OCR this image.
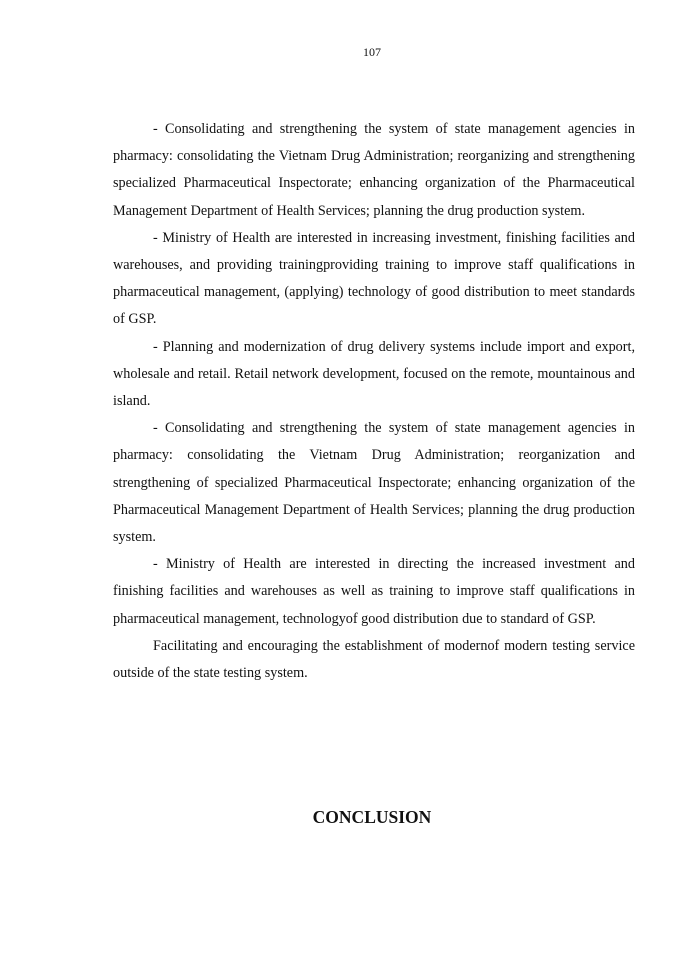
107

- Consolidating and strengthening the system of state management agencies in pharmacy: consolidating the Vietnam Drug Administration; reorganizing and strengthening specialized Pharmaceutical Inspectorate; enhancing organization of the Pharmaceutical Management Department of Health Services; planning the drug production system.

- Ministry of Health are interested in increasing investment, finishing facilities and warehouses, and providing trainingproviding training to improve staff qualifications in pharmaceutical management, (applying) technology of good distribution to meet standards of GSP.

- Planning and modernization of drug delivery systems include import and export, wholesale and retail. Retail network development, focused on the remote, mountainous and island.

- Consolidating and strengthening the system of state management agencies in pharmacy: consolidating the Vietnam Drug Administration; reorganization and strengthening of specialized Pharmaceutical Inspectorate; enhancing organization of the Pharmaceutical Management Department of Health Services; planning the drug production system.

- Ministry of Health are interested in directing the increased investment and finishing facilities and warehouses as well as training to improve staff qualifications in pharmaceutical management, technologyof good distribution due to standard of GSP.

Facilitating and encouraging the establishment of modernof modern testing service outside of the state testing system.

CONCLUSION
